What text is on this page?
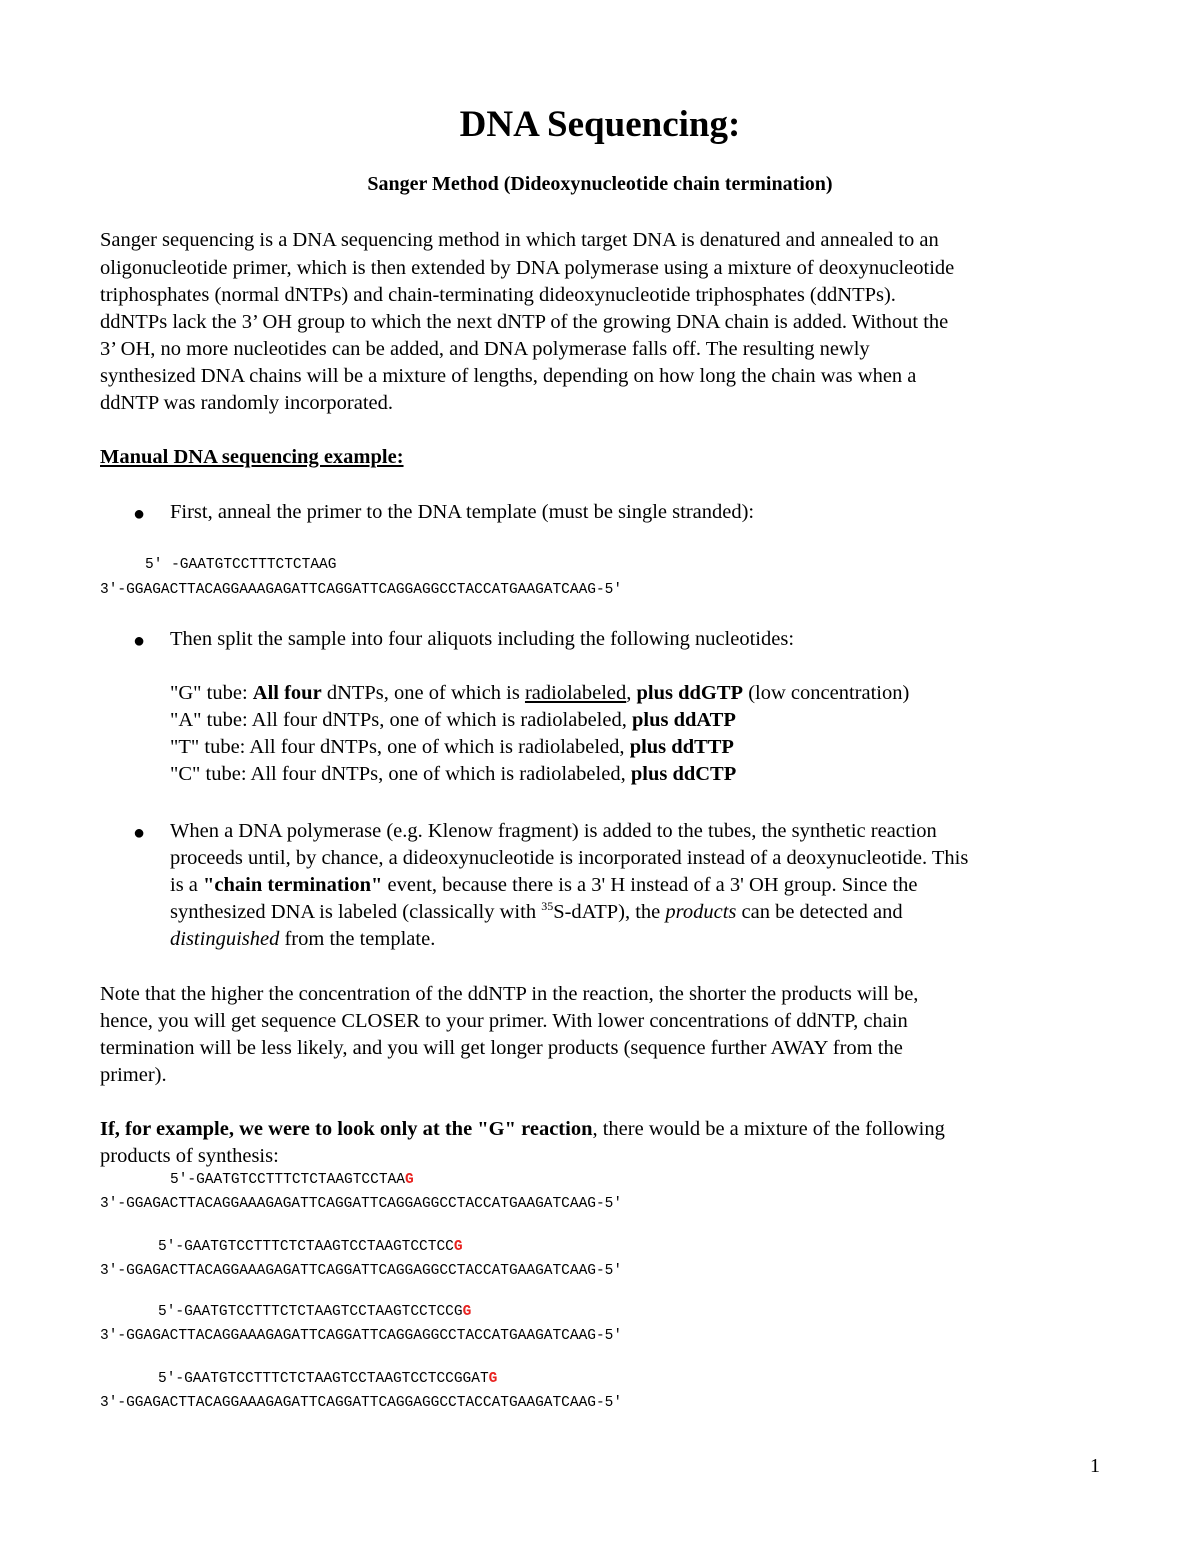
DNA Sequencing:

Sanger Method (Dideoxynucleotide chain termination)

Sanger sequencing is a DNA sequencing method in which target DNA is denatured and annealed to an

oligonucleotide primer, which is then extended by DNA polymerase using a mixture of deoxynucleotide

triphosphates (normal dNTPs) and chain-terminating dideoxynucleotide triphosphates (ddNTPs).

ddNTPs lack the 3’ OH group to which the next dNTP of the growing DNA chain is added. Without the

3’ OH, no more nucleotides can be added, and DNA polymerase falls off. The resulting newly

synthesized DNA chains will be a mixture of lengths, depending on how long the chain was when a

ddNTP was randomly incorporated.

Manual DNA sequencing example:

● First, anneal the primer to the DNA template (must be single stranded):

5' -GAATGTCCTTTCTCTAAG

3'-GGAGACTTACAGGAAAGAGATTCAGGATTCAGGAGGCCTACCATGAAGATCAAG-5'

● Then split the sample into four aliquots including the following nucleotides:

"G" tube: All four dNTPs, one of which is radiolabeled, plus ddGTP (low concentration)

"A" tube: All four dNTPs, one of which is radiolabeled, plus ddATP

"T" tube: All four dNTPs, one of which is radiolabeled, plus ddTTP

"C" tube: All four dNTPs, one of which is radiolabeled, plus ddCTP

● When a DNA polymerase (e.g. Klenow fragment) is added to the tubes, the synthetic reaction

proceeds until, by chance, a dideoxynucleotide is incorporated instead of a deoxynucleotide. This

is a "chain termination" event, because there is a 3' H instead of a 3' OH group. Since the

synthesized DNA is labeled (classically with $^{35}$S-dATP), the products can be detected and

distinguished from the template.

Note that the higher the concentration of the ddNTP in the reaction, the shorter the products will be,

hence, you will get sequence CLOSER to your primer. With lower concentrations of ddNTP, chain

termination will be less likely, and you will get longer products (sequence further AWAY from the

primer).

If, for example, we were to look only at the "G" reaction, there would be a mixture of the following

products of synthesis:

5'-GAATGTCCTTTCTCTAAGTCCTAAG

3'-GGAGACTTACAGGAAAGAGATTCAGGATTCAGGAGGCCTACCATGAAGATCAAG-5'

5'-GAATGTCCTTTCTCTAAGTCCTAAGTCCTCCG

3'-GGAGACTTACAGGAAAGAGATTCAGGATTCAGGAGGCCTACCATGAAGATCAAG-5'

5'-GAATGTCCTTTCTCTAAGTCCTAAGTCCTCCGG

3'-GGAGACTTACAGGAAAGAGATTCAGGATTCAGGAGGCCTACCATGAAGATCAAG-5'

5'-GAATGTCCTTTCTCTAAGTCCTAAGTCCTCCGGATG

3'-GGAGACTTACAGGAAAGAGATTCAGGATTCAGGAGGCCTACCATGAAGATCAAG-5'

1
